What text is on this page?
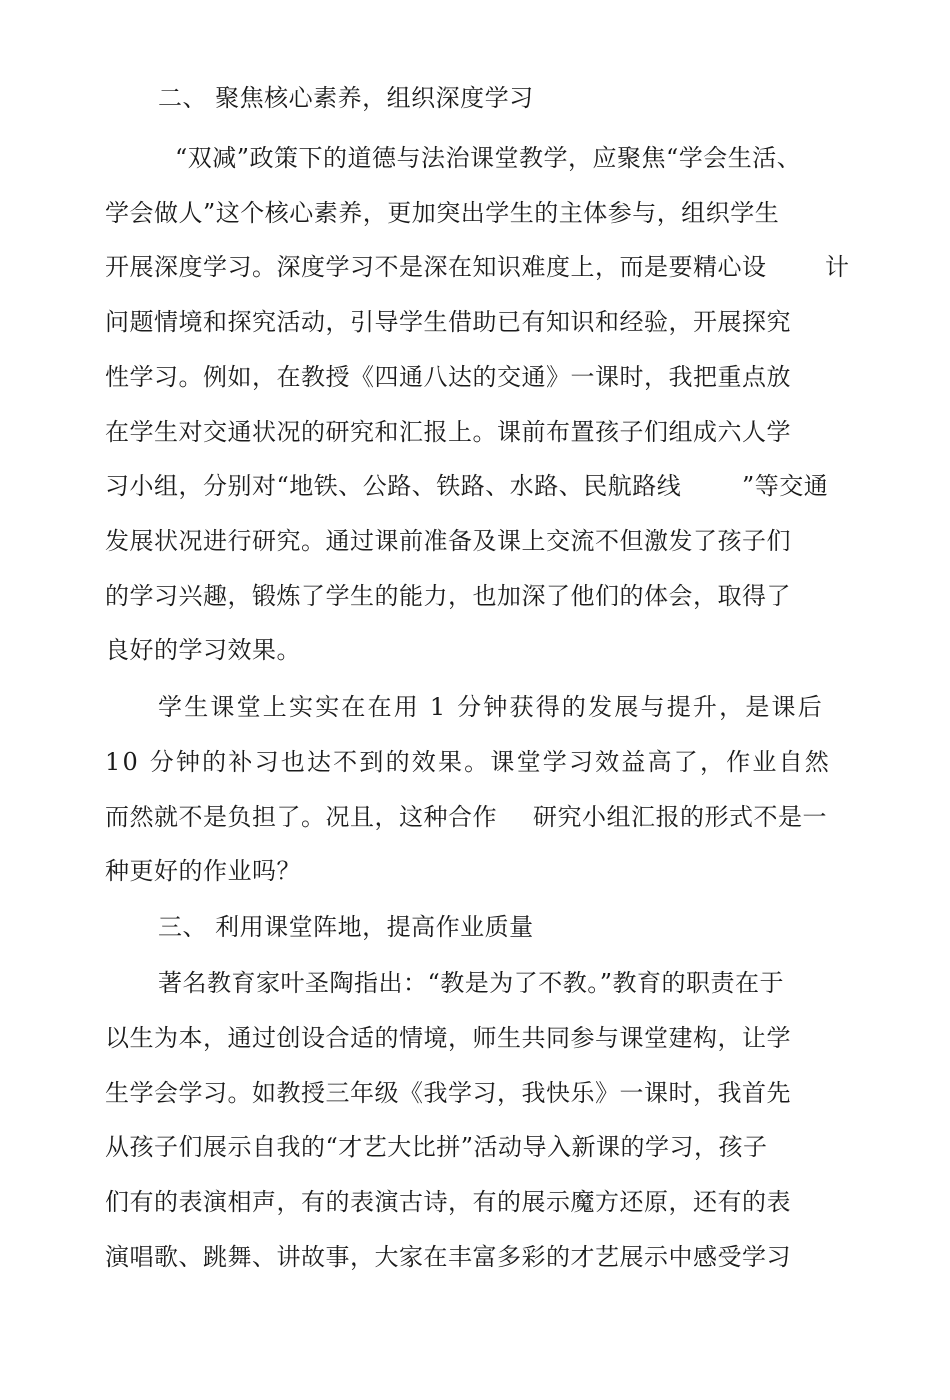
二、 聚焦核心素养，组织深度学习
“双减”政策下的道德与法治课堂教学，应聚焦“学会生活、
学会做人”这个核心素养，更加突出学生的主体参与，组织学生
开展深度学习。深度学习不是深在知识难度上，而是要精心设 计
问题情境和探究活动，引导学生借助已有知识和经验，开展探究
性学习。例如，在教授《四通八达的交通》一课时，我把重点放
在学生对交通状况的研究和汇报上。课前布置孩子们组成六人学
习小组，分别对“地铁、公路、铁路、水路、民航路线	”等交通
发展状况进行研究。通过课前准备及课上交流不但激发了孩子们
的学习兴趣，锻炼了学生的能力，也加深了他们的体会，取得了
良好的学习效果。
学生课堂上实实在在用 1 分钟获得的发展与提升，是课后
10 分钟的补习也达不到的效果。课堂学习效益高了，作业自然
而然就不是负担了。况且，这种合作 研究小组汇报的形式不是一
种更好的作业吗？
三、 利用课堂阵地，提高作业质量
著名教育家叶圣陶指出：“教是为了不教。”教育的职责在于
以生为本，通过创设合适的情境，师生共同参与课堂建构，让学
生学会学习。如教授三年级《我学习，我快乐》一课时，我首先
从孩子们展示自我的“才艺大比拼”活动导入新课的学习，孩子
们有的表演相声，有的表演古诗，有的展示魔方还原，还有的表
演唱歌、跳舞、讲故事，大家在丰富多彩的才艺展示中感受学习
